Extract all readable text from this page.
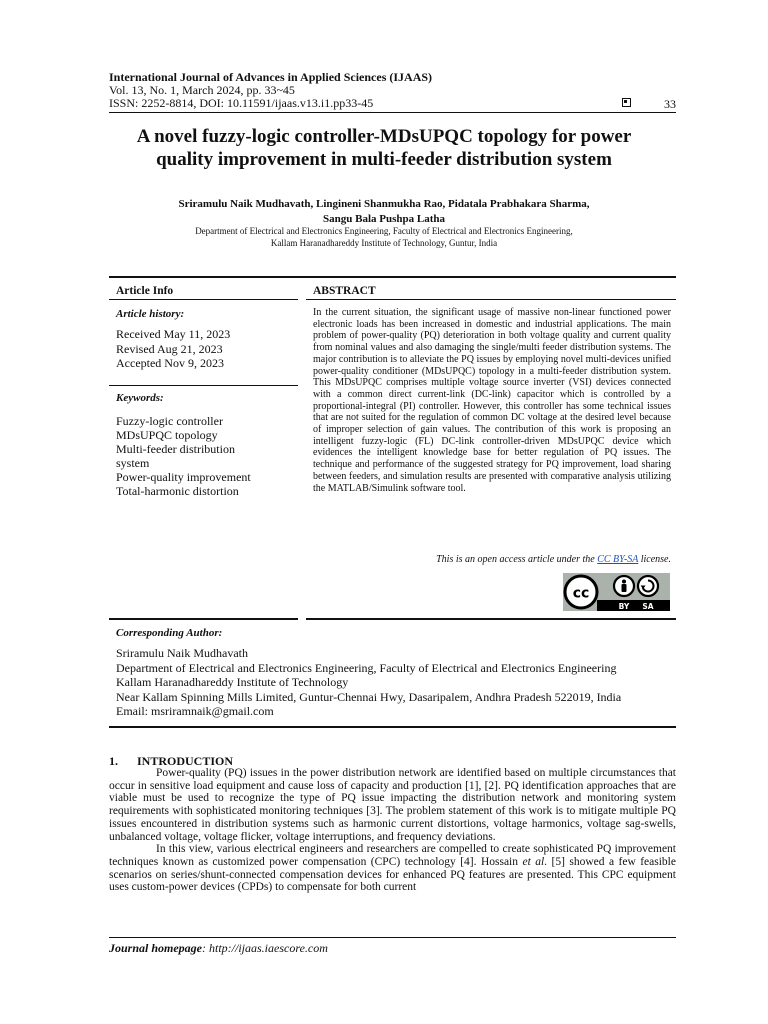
International Journal of Advances in Applied Sciences (IJAAS)
Vol. 13, No. 1, March 2024, pp. 33~45
ISSN: 2252-8814, DOI: 10.11591/ijaas.v13.i1.pp33-45	33
A novel fuzzy-logic controller-MDsUPQC topology for power
quality improvement in multi-feeder distribution system
Sriramulu Naik Mudhavath, Lingineni Shanmukha Rao, Pidatala Prabhakara Sharma,
Sangu Bala Pushpa Latha
Department of Electrical and Electronics Engineering, Faculty of Electrical and Electronics Engineering,
Kallam Haranadhareddy Institute of Technology, Guntur, India
Article Info	ABSTRACT
Article history:
Received May 11, 2023
Revised Aug 21, 2023
Accepted Nov 9, 2023
Keywords:
Fuzzy-logic controller
MDsUPQC topology
Multi-feeder distribution system
Power-quality improvement
Total-harmonic distortion
In the current situation, the significant usage of massive non-linear functioned power electronic loads has been increased in domestic and industrial applications. The main problem of power-quality (PQ) deterioration in both voltage quality and current quality from nominal values and also damaging the single/multi feeder distribution systems. The major contribution is to alleviate the PQ issues by employing novel multi-devices unified power-quality conditioner (MDsUPQC) topology in a multi-feeder distribution system. This MDsUPQC comprises multiple voltage source inverter (VSI) devices connected with a common direct current-link (DC-link) capacitor which is controlled by a proportional-integral (PI) controller. However, this controller has some technical issues that are not suited for the regulation of common DC voltage at the desired level because of improper selection of gain values. The contribution of this work is proposing an intelligent fuzzy-logic (FL) DC-link controller-driven MDsUPQC device which evidences the intelligent knowledge base for better regulation of PQ issues. The technique and performance of the suggested strategy for PQ improvement, load sharing between feeders, and simulation results are presented with comparative analysis utilizing the MATLAB/Simulink software tool.
This is an open access article under the CC BY-SA license.
cc
BY SA
Corresponding Author:
Sriramulu Naik Mudhavath
Department of Electrical and Electronics Engineering, Faculty of Electrical and Electronics Engineering
Kallam Haranadhareddy Institute of Technology
Near Kallam Spinning Mills Limited, Guntur-Chennai Hwy, Dasaripalem, Andhra Pradesh 522019, India
Email: msriramnaik@gmail.com
1. INTRODUCTION

Power-quality (PQ) issues in the power distribution network are identified based on multiple circumstances that occur in sensitive load equipment and cause loss of capacity and production [1], [2]. PQ identification approaches that are viable must be used to recognize the type of PQ issue impacting the distribution network and monitoring system requirements with sophisticated monitoring techniques [3]. The problem statement of this work is to mitigate multiple PQ issues encountered in distribution systems such as harmonic current distortions, voltage harmonics, voltage sag-swells, unbalanced voltage, voltage flicker, voltage interruptions, and frequency deviations.

In this view, various electrical engineers and researchers are compelled to create sophisticated PQ improvement techniques known as customized power compensation (CPC) technology [4]. Hossain et al. [5] showed a few feasible scenarios on series/shunt-connected compensation devices for enhanced PQ features are presented. This CPC equipment uses custom-power devices (CPDs) to compensate for both current

Journal homepage: http://ijaas.iaescore.com
